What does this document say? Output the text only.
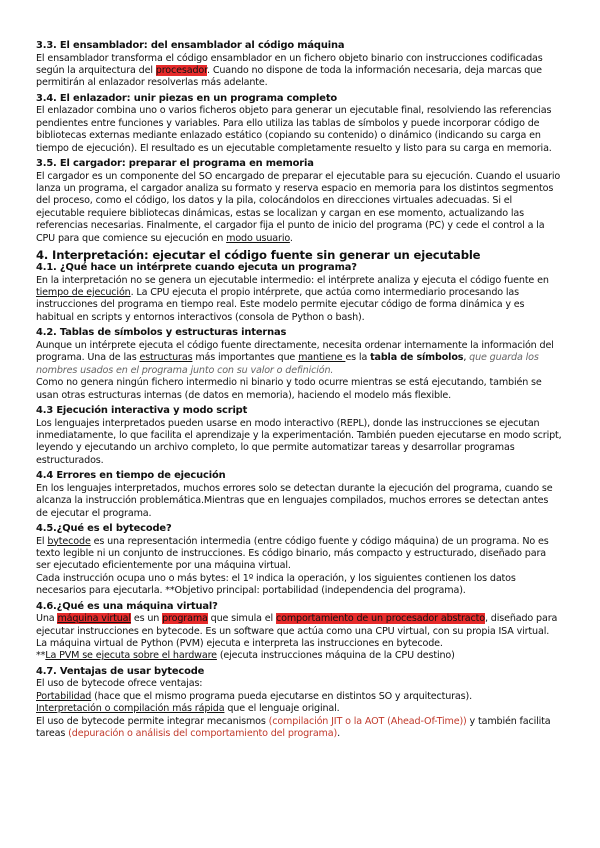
3.3. El ensamblador: del ensamblador al código máquina

El ensamblador transforma el código ensamblador en un fichero objeto binario con instrucciones codificadas según la arquitectura del procesador. Cuando no dispone de toda la información necesaria, deja marcas que permitirán al enlazador resolverlas más adelante.

3.4. El enlazador: unir piezas en un programa completo

El enlazador combina uno o varios ficheros objeto para generar un ejecutable final, resolviendo las referencias pendientes entre funciones y variables. Para ello utiliza las tablas de símbolos y puede incorporar código de bibliotecas externas mediante enlazado estático (copiando su contenido) o dinámico (indicando su carga en tiempo de ejecución). El resultado es un ejecutable completamente resuelto y listo para su carga en memoria.

3.5. El cargador: preparar el programa en memoria

El cargador es un componente del SO encargado de preparar el ejecutable para su ejecución. Cuando el usuario lanza un programa, el cargador analiza su formato y reserva espacio en memoria para los distintos segmentos del proceso, como el código, los datos y la pila, colocándolos en direcciones virtuales adecuadas. Si el ejecutable requiere bibliotecas dinámicas, estas se localizan y cargan en ese momento, actualizando las referencias necesarias. Finalmente, el cargador fija el punto de inicio del programa (PC) y cede el control a la CPU para que comience su ejecución en modo usuario.

4. Interpretación: ejecutar el código fuente sin generar un ejecutable
4.1. ¿Qué hace un intérprete cuando ejecuta un programa?

En la interpretación no se genera un ejecutable intermedio: el intérprete analiza y ejecuta el código fuente en tiempo de ejecución. La CPU ejecuta el propio intérprete, que actúa como intermediario procesando las instrucciones del programa en tiempo real. Este modelo permite ejecutar código de forma dinámica y es habitual en scripts y entornos interactivos (consola de Python o bash).

4.2. Tablas de símbolos y estructuras internas

Aunque un intérprete ejecuta el código fuente directamente, necesita ordenar internamente la información del programa. Una de las estructuras más importantes que mantiene es la tabla de símbolos, que guarda los nombres usados en el programa junto con su valor o definición.

Como no genera ningún fichero intermedio ni binario y todo ocurre mientras se está ejecutando, también se usan otras estructuras internas (de datos en memoria), haciendo el modelo más flexible.

4.3 Ejecución interactiva y modo script

Los lenguajes interpretados pueden usarse en modo interactivo (REPL), donde las instrucciones se ejecutan inmediatamente, lo que facilita el aprendizaje y la experimentación. También pueden ejecutarse en modo script, leyendo y ejecutando un archivo completo, lo que permite automatizar tareas y desarrollar programas estructurados.

4.4 Errores en tiempo de ejecución

En los lenguajes interpretados, muchos errores solo se detectan durante la ejecución del programa, cuando se alcanza la instrucción problemática.Mientras que en lenguajes compilados, muchos errores se detectan antes de ejecutar el programa.

4.5.¿Qué es el bytecode?

El bytecode es una representación intermedia (entre código fuente y código máquina) de un programa. No es texto legible ni un conjunto de instrucciones. Es código binario, más compacto y estructurado, diseñado para ser ejecutado eficientemente por una máquina virtual.

Cada instrucción ocupa uno o más bytes: el 1º indica la operación, y los siguientes contienen los datos necesarios para ejecutarla. **Objetivo principal: portabilidad (independencia del programa).

4.6.¿Qué es una máquina virtual?

Una máquina virtual es un programa que simula el comportamiento de un procesador abstracto, diseñado para ejecutar instrucciones en bytecode. Es un software que actúa como una CPU virtual, con su propia ISA virtual.

La máquina virtual de Python (PVM) ejecuta e interpreta las instrucciones en bytecode.

**La PVM se ejecuta sobre el hardware (ejecuta instrucciones máquina de la CPU destino)

4.7. Ventajas de usar bytecode

El uso de bytecode ofrece ventajas:

Portabilidad (hace que el mismo programa pueda ejecutarse en distintos SO y arquitecturas).

Interpretación o compilación más rápida que el lenguaje original.

El uso de bytecode permite integrar mecanismos (compilación JIT o la AOT (Ahead-Of-Time)) y también facilita tareas (depuración o análisis del comportamiento del programa).
